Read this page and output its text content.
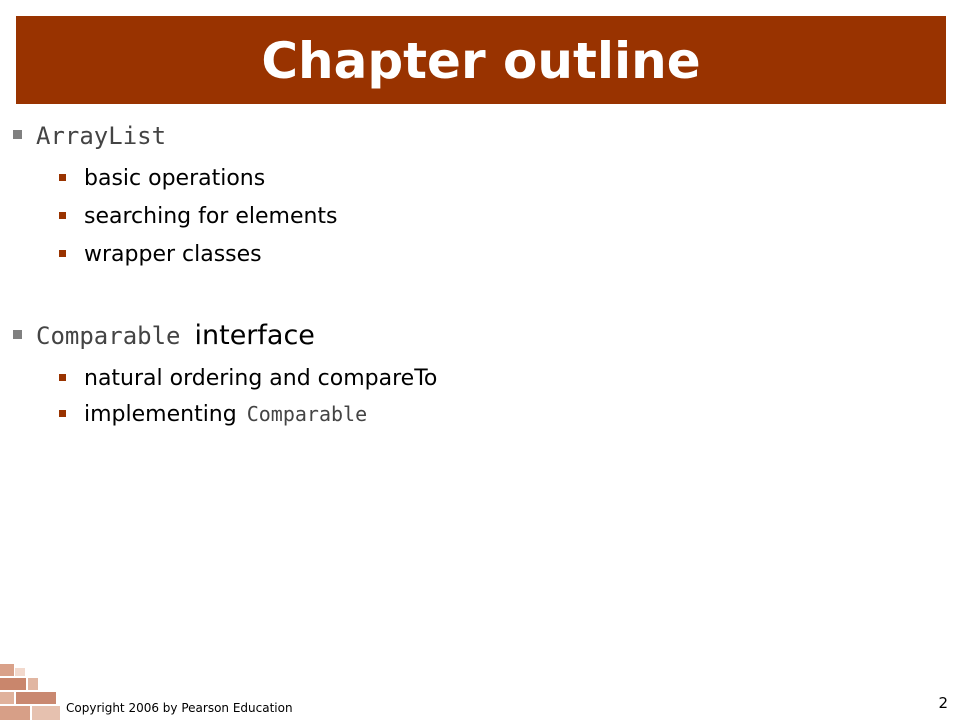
Chapter outline
ArrayList
basic operations
searching for elements
wrapper classes
Comparable interface
natural ordering and compareTo
implementing Comparable
Copyright 2006 by Pearson Education	2
